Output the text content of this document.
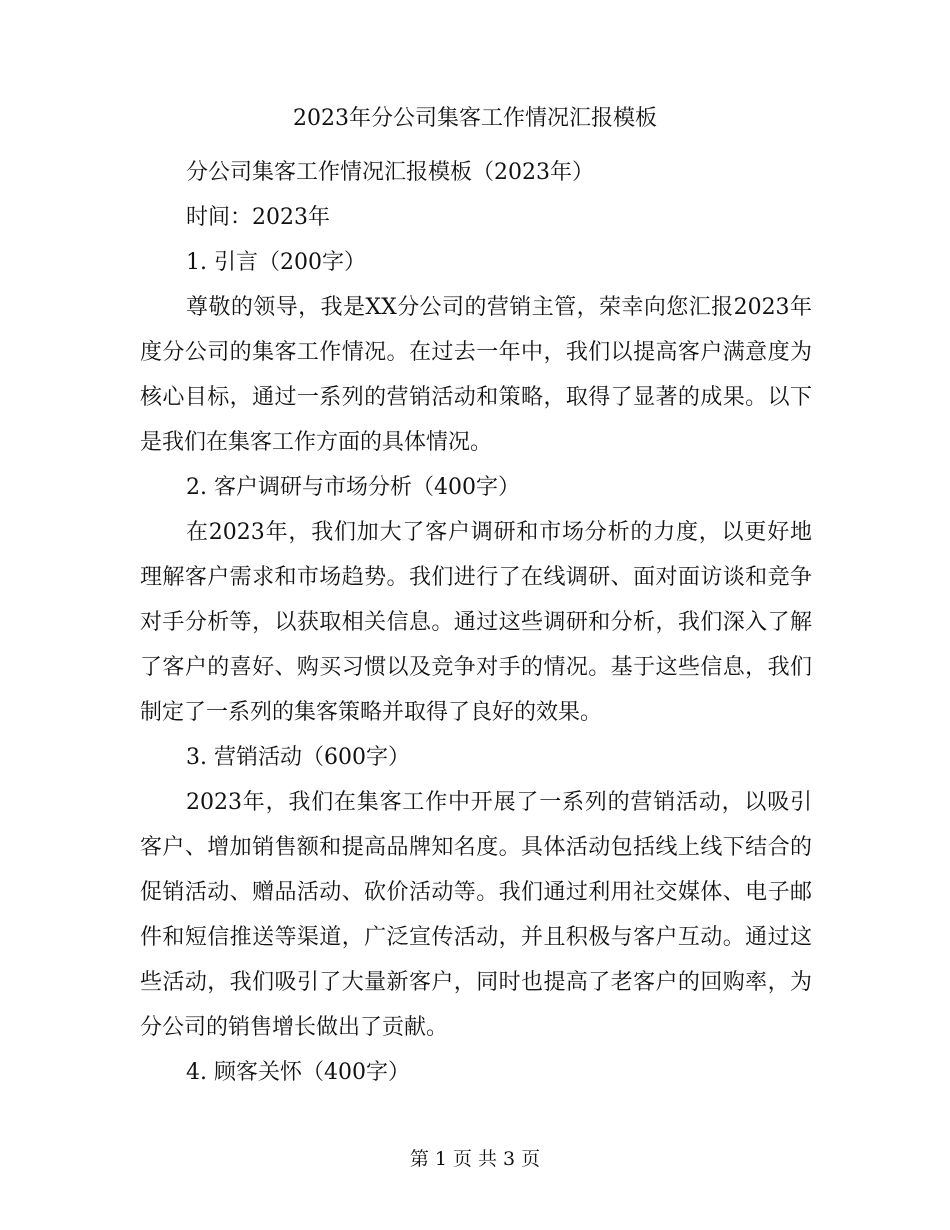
2023年分公司集客工作情况汇报模板

分公司集客工作情况汇报模板（2023年）

时间：2023年

1. 引言（200字）

尊敬的领导，我是XX分公司的营销主管，荣幸向您汇报2023年度分公司的集客工作情况。在过去一年中，我们以提高客户满意度为核心目标，通过一系列的营销活动和策略，取得了显著的成果。以下是我们在集客工作方面的具体情况。

2. 客户调研与市场分析（400字）

在2023年，我们加大了客户调研和市场分析的力度，以更好地理解客户需求和市场趋势。我们进行了在线调研、面对面访谈和竞争对手分析等，以获取相关信息。通过这些调研和分析，我们深入了解了客户的喜好、购买习惯以及竞争对手的情况。基于这些信息，我们制定了一系列的集客策略并取得了良好的效果。

3. 营销活动（600字）

2023年，我们在集客工作中开展了一系列的营销活动，以吸引客户、增加销售额和提高品牌知名度。具体活动包括线上线下结合的促销活动、赠品活动、砍价活动等。我们通过利用社交媒体、电子邮件和短信推送等渠道，广泛宣传活动，并且积极与客户互动。通过这些活动，我们吸引了大量新客户，同时也提高了老客户的回购率，为分公司的销售增长做出了贡献。

4. 顾客关怀（400字）

第 1 页 共 3 页
